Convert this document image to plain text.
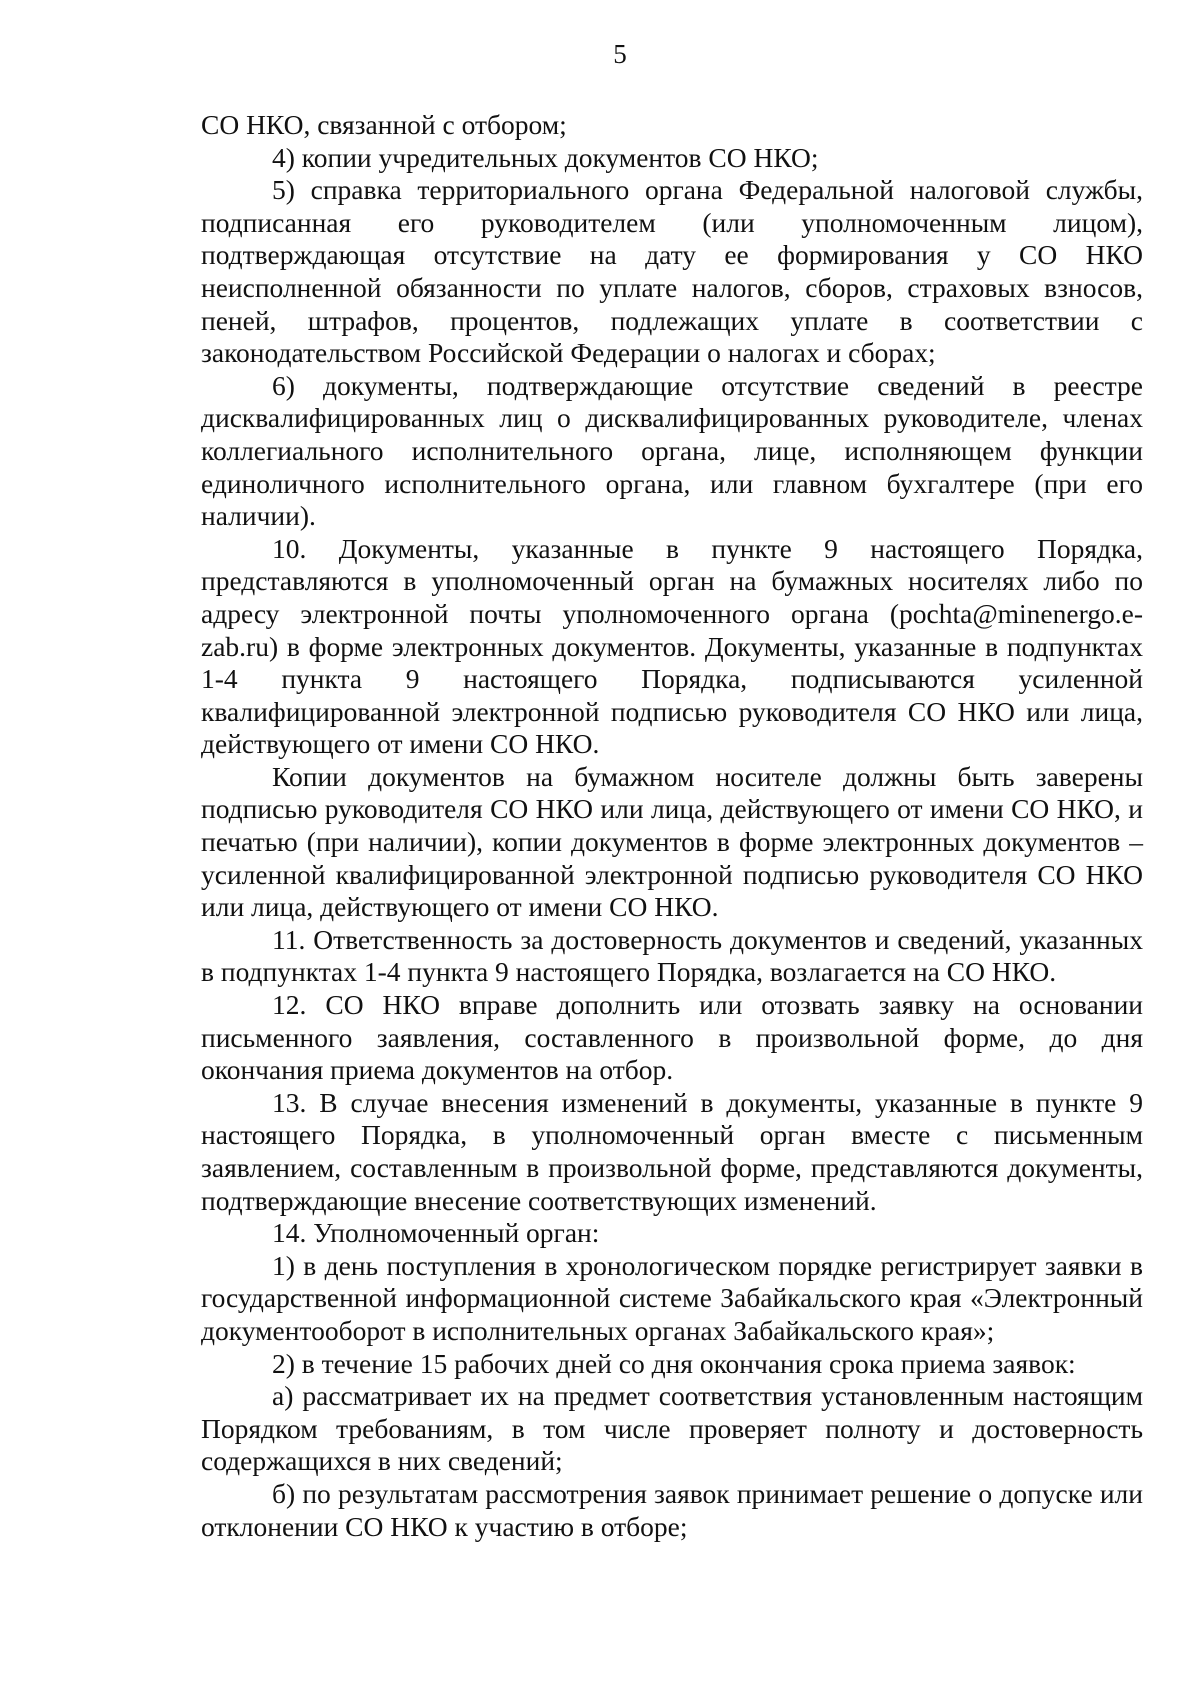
5

СО НКО, связанной с отбором;

4) копии учредительных документов СО НКО;

5) справка территориального органа Федеральной налоговой службы, подписанная его руководителем (или уполномоченным лицом), подтверждающая отсутствие на дату ее формирования у СО НКО неисполненной обязанности по уплате налогов, сборов, страховых взносов, пеней, штрафов, процентов, подлежащих уплате в соответствии с законодательством Российской Федерации о налогах и сборах;

6) документы, подтверждающие отсутствие сведений в реестре дисквалифицированных лиц о дисквалифицированных руководителе, членах коллегиального исполнительного органа, лице, исполняющем функции единоличного исполнительного органа, или главном бухгалтере (при его наличии).

10. Документы, указанные в пункте 9 настоящего Порядка, представляются в уполномоченный орган на бумажных носителях либо по адресу электронной почты уполномоченного органа (pochta@minenergo.e-zab.ru) в форме электронных документов. Документы, указанные в подпунктах 1-4 пункта 9 настоящего Порядка, подписываются усиленной квалифицированной электронной подписью руководителя СО НКО или лица, действующего от имени СО НКО.

Копии документов на бумажном носителе должны быть заверены подписью руководителя СО НКО или лица, действующего от имени СО НКО, и печатью (при наличии), копии документов в форме электронных документов – усиленной квалифицированной электронной подписью руководителя СО НКО или лица, действующего от имени СО НКО.

11. Ответственность за достоверность документов и сведений, указанных в подпунктах 1-4 пункта 9 настоящего Порядка, возлагается на СО НКО.

12. СО НКО вправе дополнить или отозвать заявку на основании письменного заявления, составленного в произвольной форме, до дня окончания приема документов на отбор.

13. В случае внесения изменений в документы, указанные в пункте 9 настоящего Порядка, в уполномоченный орган вместе с письменным заявлением, составленным в произвольной форме, представляются документы, подтверждающие внесение соответствующих изменений.

14. Уполномоченный орган:

1) в день поступления в хронологическом порядке регистрирует заявки в государственной информационной системе Забайкальского края «Электронный документооборот в исполнительных органах Забайкальского края»;

2) в течение 15 рабочих дней со дня окончания срока приема заявок:

а) рассматривает их на предмет соответствия установленным настоящим Порядком требованиям, в том числе проверяет полноту и достоверность содержащихся в них сведений;

б) по результатам рассмотрения заявок принимает решение о допуске или отклонении СО НКО к участию в отборе;
